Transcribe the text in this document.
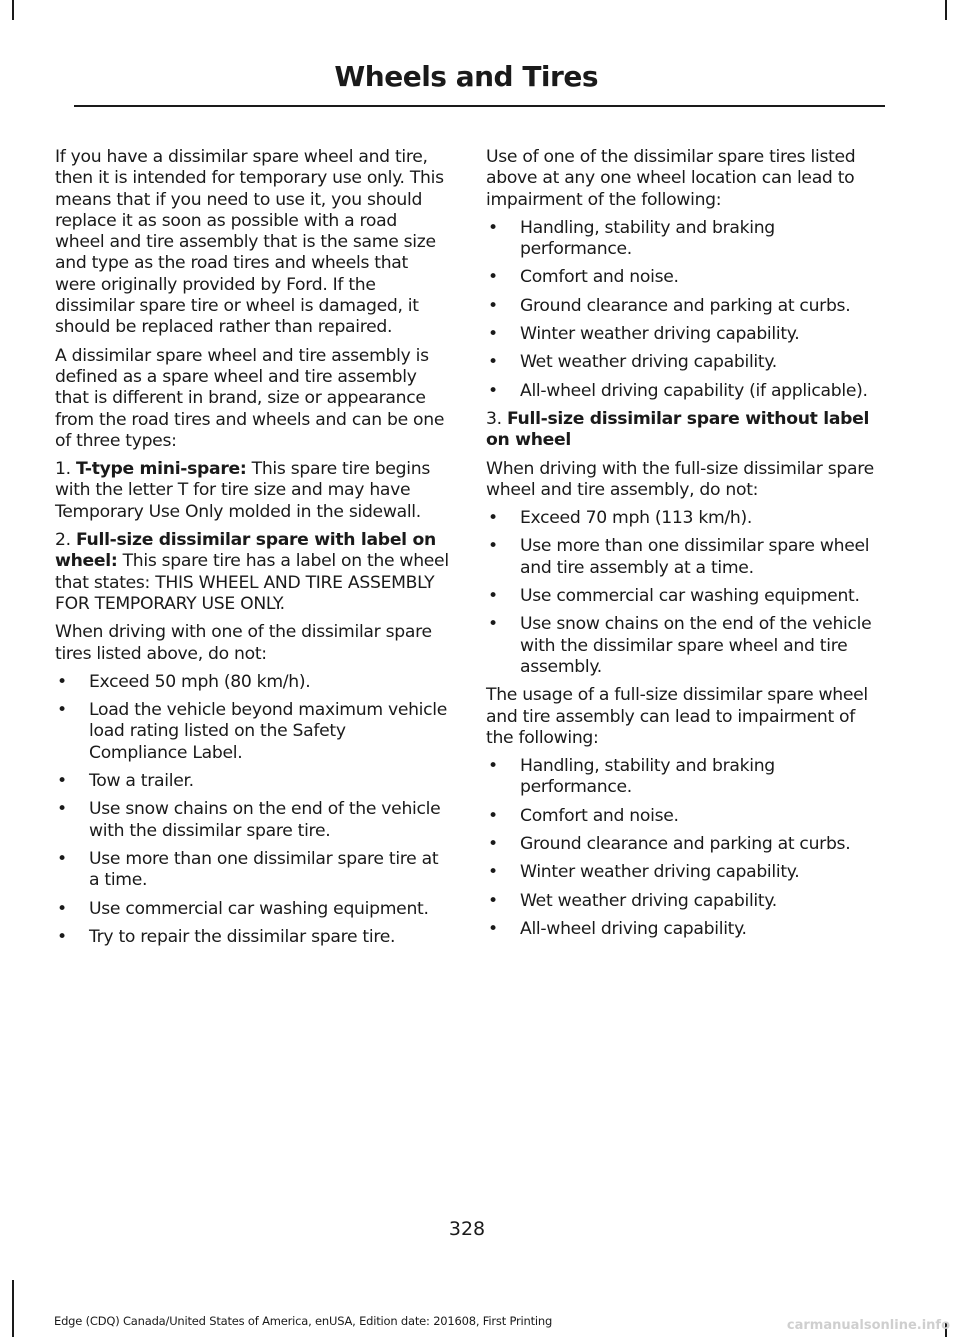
Wheels and Tires

If you have a dissimilar spare wheel and tire, then it is intended for temporary use only. This means that if you need to use it, you should replace it as soon as possible with a road wheel and tire assembly that is the same size and type as the road tires and wheels that were originally provided by Ford. If the dissimilar spare tire or wheel is damaged, it should be replaced rather than repaired.

A dissimilar spare wheel and tire assembly is defined as a spare wheel and tire assembly that is different in brand, size or appearance from the road tires and wheels and can be one of three types:

1. T-type mini-spare: This spare tire begins with the letter T for tire size and may have Temporary Use Only molded in the sidewall.

2. Full-size dissimilar spare with label on wheel: This spare tire has a label on the wheel that states: THIS WHEEL AND TIRE ASSEMBLY FOR TEMPORARY USE ONLY.

When driving with one of the dissimilar spare tires listed above, do not:

• Exceed 50 mph (80 km/h).
• Load the vehicle beyond maximum vehicle load rating listed on the Safety Compliance Label.
• Tow a trailer.
• Use snow chains on the end of the vehicle with the dissimilar spare tire.
• Use more than one dissimilar spare tire at a time.
• Use commercial car washing equipment.
• Try to repair the dissimilar spare tire.

Use of one of the dissimilar spare tires listed above at any one wheel location can lead to impairment of the following:

• Handling, stability and braking performance.
• Comfort and noise.
• Ground clearance and parking at curbs.
• Winter weather driving capability.
• Wet weather driving capability.
• All-wheel driving capability (if applicable).

3. Full-size dissimilar spare without label on wheel

When driving with the full-size dissimilar spare wheel and tire assembly, do not:

• Exceed 70 mph (113 km/h).
• Use more than one dissimilar spare wheel and tire assembly at a time.
• Use commercial car washing equipment.
• Use snow chains on the end of the vehicle with the dissimilar spare wheel and tire assembly.

The usage of a full-size dissimilar spare wheel and tire assembly can lead to impairment of the following:

• Handling, stability and braking performance.
• Comfort and noise.
• Ground clearance and parking at curbs.
• Winter weather driving capability.
• Wet weather driving capability.
• All-wheel driving capability.
328
Edge (CDQ) Canada/United States of America, enUSA, Edition date: 201608, First Printing	carmanualsonline.info
